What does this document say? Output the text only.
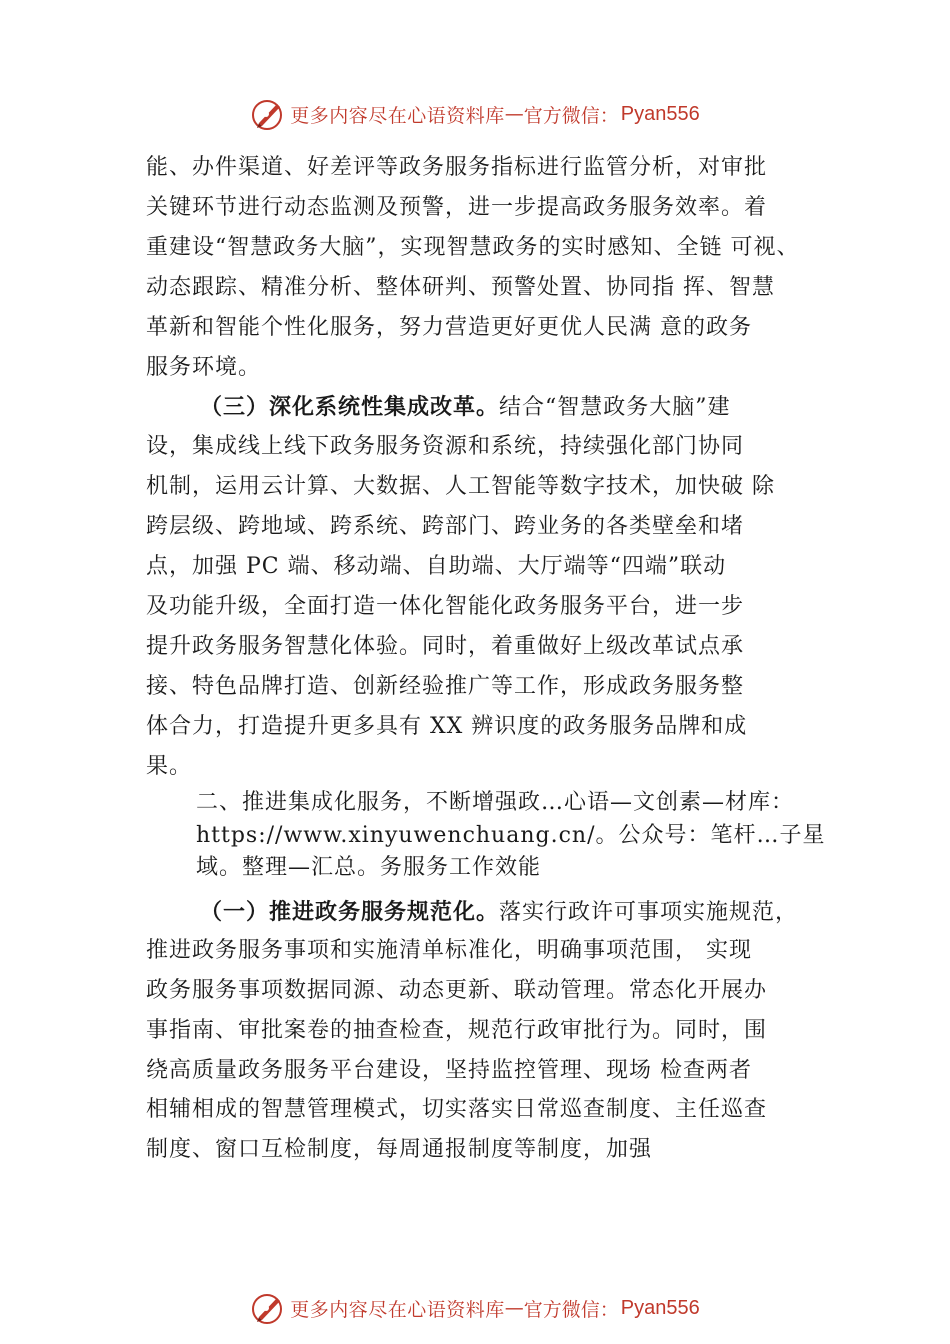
更多内容尽在心语资料库 — 官方微信： Pyan556
能、办件渠道、好差评等政务服务指标进行监管分析，对审批
关键环节进行动态监测及预警，进一步提高政务服务效率。着
重建设“智慧政务大脑”，实现智慧政务的实时感知、全链 可视、
动态跟踪、精准分析、整体研判、预警处置、协同指 挥、智慧
革新和智能个性化服务，努力营造更好更优人民满 意的政务
服务环境。
（三）深化系统性集成改革。结合“智慧政务大脑”建
设，集成线上线下政务服务资源和系统，持续强化部门协同
机制，运用云计算、大数据、人工智能等数字技术，加快破 除
跨层级、跨地域、跨系统、跨部门、跨业务的各类壁垒和堵
点，加强 PC 端、移动端、自助端、大厅端等“四端”联动
及功能升级，全面打造一体化智能化政务服务平台，进一步
提升政务服务智慧化体验。同时，着重做好上级改革试点承
接、特色品牌打造、创新经验推广等工作，形成政务服务整
体合力，打造提升更多具有 XX 辨识度的政务服务品牌和成
果。
二、推进集成化服务，不断增强政…心语—文创素—材库：
https://www.xinyuwenchuang.cn/。公众号：笔杆…子星
域。整理—汇总。务服务工作效能
（一）推进政务服务规范化。落实行政许可事项实施规范，
推进政务服务事项和实施清单标准化，明确事项范围， 实现
政务服务事项数据同源、动态更新、联动管理。常态化开展办
事指南、审批案卷的抽查检查，规范行政审批行为。同时，围
绕高质量政务服务平台建设，坚持监控管理、现场 检查两者
相辅相成的智慧管理模式，切实落实日常巡查制度、主任巡查
制度、窗口互检制度，每周通报制度等制度，加强
更多内容尽在心语资料库 — 官方微信： Pyan556
